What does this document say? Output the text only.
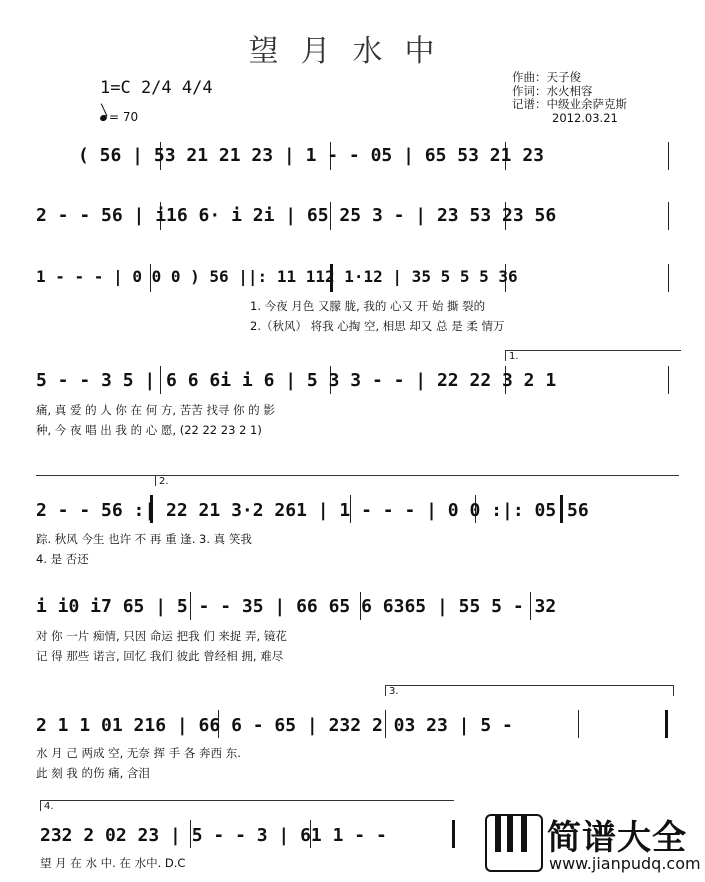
望月水中
1=C 2/4 4/4
= 70
作曲：天子俊
作词：水火相容
记谱：中级业余萨克斯
2012.03.21
( 56 | 53 21 21 23 | 1 - - 05 | 65 53 21 23
2 - - 56 | i16 6· i 2i | 65 25 3 - | 23 53 23 56
1 - - - | 0 0 0 ) 56 ||: 11 112 1·12 | 35 5 5 5 36
1. 今夜 月色 又朦 胧, 我的 心又 开 始 撕 裂的
2.（秋风） 将我 心掏 空, 相思 却又 总 是 柔 情万
1.
5 - - 3 5 | 6 6 6i i 6 | 5 3 3 - - | 22 22 3 2 1
痛, 真 爱 的 人 你 在 何 方, 苦苦 找寻 你 的 影
种, 今 夜 唱 出 我 的 心 愿, (22 22 23 2 1)
2.
2 - - 56 :| 22 21 3·2 261 | 1 - - - | 0 0 :|: 05 56
踪. 秋风 今生 也许 不 再 重 逢. 3. 真 笑我
4. 是 否还
i i0 i7 65 | 5 - - 35 | 66 65 6 6365 | 55 5 - 32
对 你 一片 痴情, 只因 命运 把我 们 来捉 弄, 镜花
记 得 那些 诺言, 回忆 我们 彼此 曾经相 拥, 难尽
3.
2 1 1 01 216 | 66 6 - 65 | 232 2 03 23 | 5 -
水 月 己 两成 空, 无奈 挥 手 各 奔西 东.
此 刻 我 的伤 痛, 含泪
4.
232 2 02 23 | 5 - - 3 | 61 1 - -
望 月 在 水 中. 在 水中. D.C
简谱大全
www.jianpudq.com
